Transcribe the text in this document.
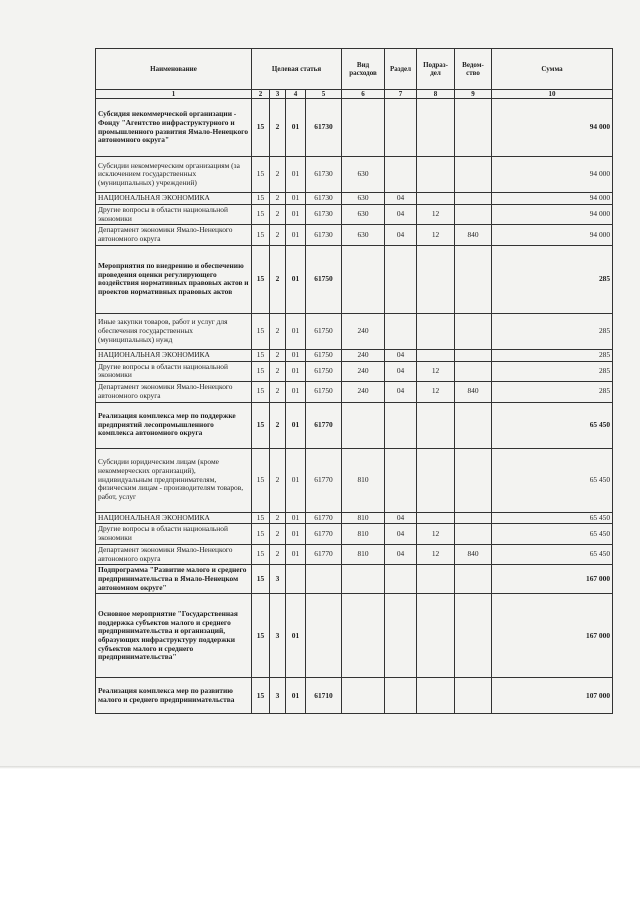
Наименование	Целевая статья				Вид расходов	Раздел	Подраз-дел	Ведом-ство	Сумма
1	2	3	4	5	6	7	8	9	10
Субсидия некоммерческой организации - Фонду "Агентство инфраструктурного и промышленного развития Ямало-Ненецкого автономного округа"	15	2	01	61730					94 000
Субсидии некоммерческим организациям (за исключением государственных (муниципальных) учреждений)	15	2	01	61730	630				94 000
НАЦИОНАЛЬНАЯ ЭКОНОМИКА	15	2	01	61730	630	04			94 000
Другие вопросы в области национальной экономики	15	2	01	61730	630	04	12		94 000
Департамент экономики Ямало-Ненецкого автономного округа	15	2	01	61730	630	04	12	840	94 000
Мероприятия по внедрению и обеспечению проведения оценки регулирующего воздействия нормативных правовых актов и проектов нормативных правовых актов	15	2	01	61750					285
Иные закупки товаров, работ и услуг для обеспечения государственных (муниципальных) нужд	15	2	01	61750	240				285
НАЦИОНАЛЬНАЯ ЭКОНОМИКА	15	2	01	61750	240	04			285
Другие вопросы в области национальной экономики	15	2	01	61750	240	04	12		285
Департамент экономики Ямало-Ненецкого автономного округа	15	2	01	61750	240	04	12	840	285
Реализация комплекса мер по поддержке предприятий лесопромышленного комплекса автономного округа	15	2	01	61770					65 450
Субсидии юридическим лицам (кроме некоммерческих организаций), индивидуальным предпринимателям, физическим лицам - производителям товаров, работ, услуг	15	2	01	61770	810				65 450
НАЦИОНАЛЬНАЯ ЭКОНОМИКА	15	2	01	61770	810	04			65 450
Другие вопросы в области национальной экономики	15	2	01	61770	810	04	12		65 450
Департамент экономики Ямало-Ненецкого автономного округа	15	2	01	61770	810	04	12	840	65 450
Подпрограмма "Развитие малого и среднего предпринимательства в Ямало-Ненецком автономном округе"	15	3							167 000
Основное мероприятие "Государственная поддержка субъектов малого и среднего предпринимательства и организаций, образующих инфраструктуру поддержки субъектов малого и среднего предпринимательства"	15	3	01						167 000
Реализация комплекса мер по развитию малого и среднего предпринимательства	15	3	01	61710					107 000
